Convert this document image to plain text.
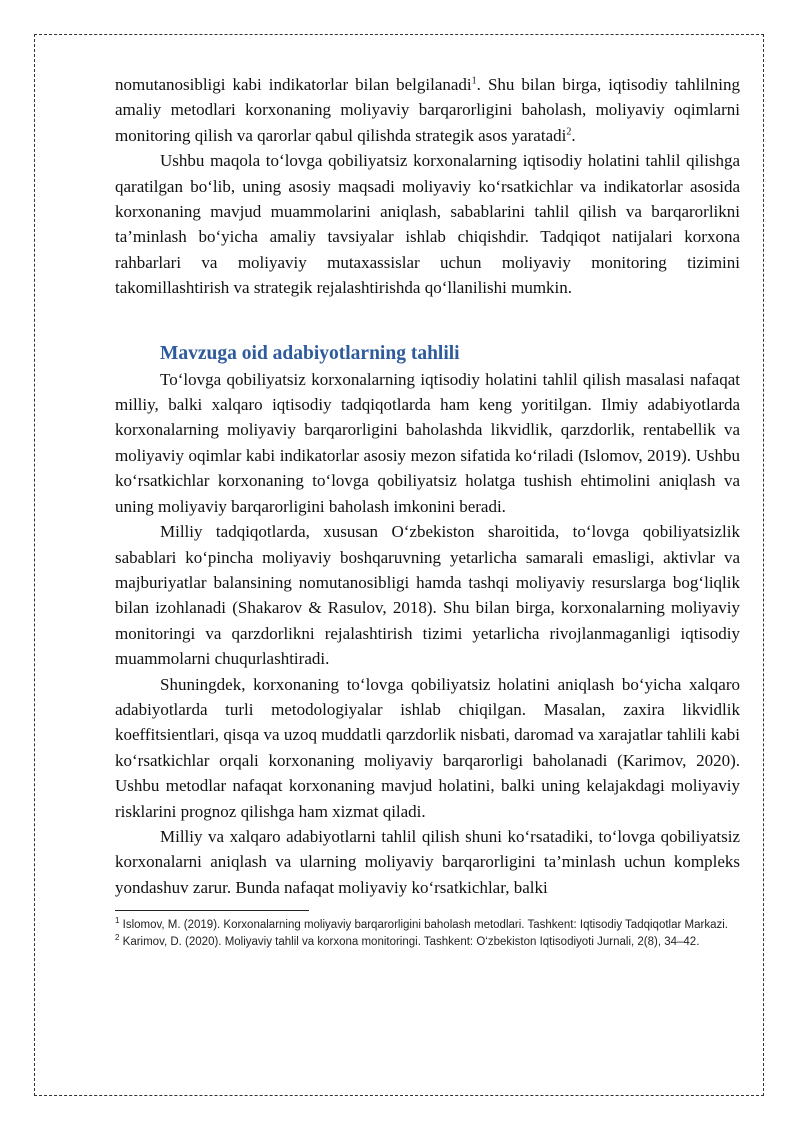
nomutanosibligi kabi indikatorlar bilan belgilanadi$^1$. Shu bilan birga, iqtisodiy tahlilning amaliy metodlari korxonaning moliyaviy barqarorligini baholash, moliyaviy oqimlarni monitoring qilish va qarorlar qabul qilishda strategik asos yaratadi$^2$.

Ushbu maqola to‘lovga qobiliyatsiz korxonalarning iqtisodiy holatini tahlil qilishga qaratilgan bo‘lib, uning asosiy maqsadi moliyaviy ko‘rsatkichlar va indikatorlar asosida korxonaning mavjud muammolarini aniqlash, sabablarini tahlil qilish va barqarorlikni ta’minlash bo‘yicha amaliy tavsiyalar ishlab chiqishdir. Tadqiqot natijalari korxona rahbarlari va moliyaviy mutaxassislar uchun moliyaviy monitoring tizimini takomillashtirish va strategik rejalashtirishda qo‘llanilishi mumkin.

Mavzuga oid adabiyotlarning tahlili

To‘lovga qobiliyatsiz korxonalarning iqtisodiy holatini tahlil qilish masalasi nafaqat milliy, balki xalqaro iqtisodiy tadqiqotlarda ham keng yoritilgan. Ilmiy adabiyotlarda korxonalarning moliyaviy barqarorligini baholashda likvidlik, qarzdorlik, rentabellik va moliyaviy oqimlar kabi indikatorlar asosiy mezon sifatida ko‘riladi (Islomov, 2019). Ushbu ko‘rsatkichlar korxonaning to‘lovga qobiliyatsiz holatga tushish ehtimolini aniqlash va uning moliyaviy barqarorligini baholash imkonini beradi.

Milliy tadqiqotlarda, xususan O‘zbekiston sharoitida, to‘lovga qobiliyatsizlik sabablari ko‘pincha moliyaviy boshqaruvning yetarlicha samarali emasligi, aktivlar va majburiyatlar balansining nomutanosibligi hamda tashqi moliyaviy resurslarga bog‘liqlik bilan izohlanadi (Shakarov & Rasulov, 2018). Shu bilan birga, korxonalarning moliyaviy monitoringi va qarzdorlikni rejalashtirish tizimi yetarlicha rivojlanmaganligi iqtisodiy muammolarni chuqurlashtiradi.

Shuningdek, korxonaning to‘lovga qobiliyatsiz holatini aniqlash bo‘yicha xalqaro adabiyotlarda turli metodologiyalar ishlab chiqilgan. Masalan, zaxira likvidlik koeffitsientlari, qisqa va uzoq muddatli qarzdorlik nisbati, daromad va xarajatlar tahlili kabi ko‘rsatkichlar orqali korxonaning moliyaviy barqarorligi baholanadi (Karimov, 2020). Ushbu metodlar nafaqat korxonaning mavjud holatini, balki uning kelajakdagi moliyaviy risklarini prognoz qilishga ham xizmat qiladi.

Milliy va xalqaro adabiyotlarni tahlil qilish shuni ko‘rsatadiki, to‘lovga qobiliyatsiz korxonalarni aniqlash va ularning moliyaviy barqarorligini ta’minlash uchun kompleks yondashuv zarur. Bunda nafaqat moliyaviy ko‘rsatkichlar, balki

$^1$ Islomov, M. (2019). Korxonalarning moliyaviy barqarorligini baholash metodlari. Tashkent: Iqtisodiy Tadqiqotlar Markazi.

$^2$ Karimov, D. (2020). Moliyaviy tahlil va korxona monitoringi. Tashkent: O‘zbekiston Iqtisodiyoti Jurnali, 2(8), 34–42.
